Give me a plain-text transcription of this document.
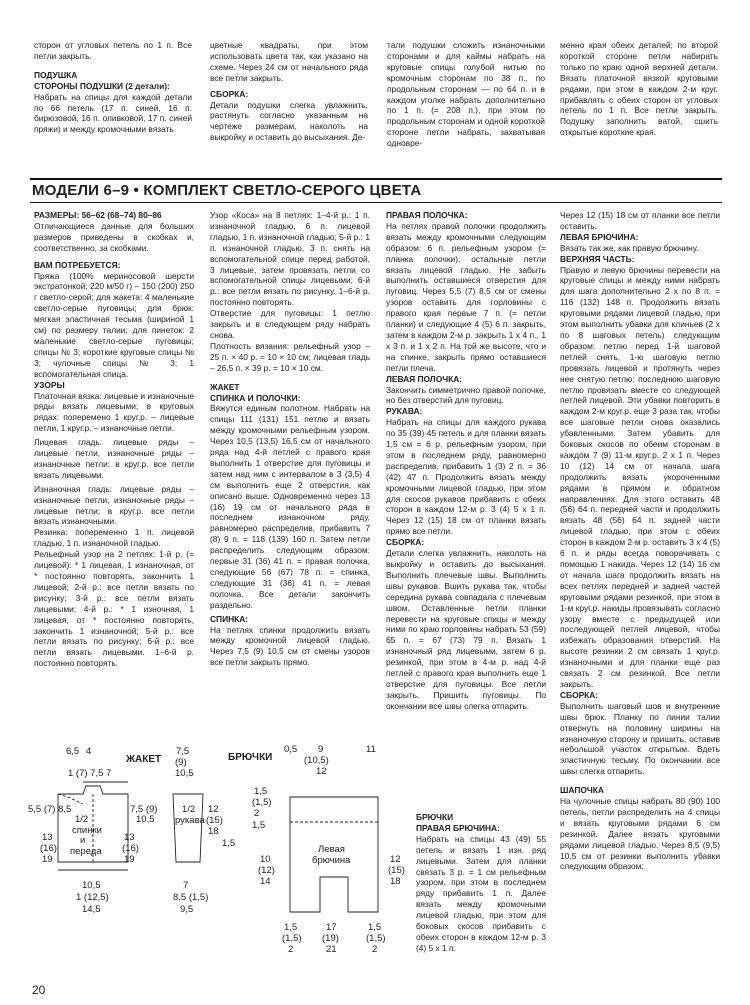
сторон от угловых петель по 1 п. Все петли закрыть.

ПОДУШКА

СТОРОНЫ ПОДУШКИ (2 детали):

Набрать на спицы для каждой детали по 66 петель (17 п. синей, 16 п. бирюзовой, 16 п. оливковой, 17 п. синей пряжи) и между кромочными вязать

цветные квадраты, при этом использовать цвета так, как указано на схеме. Через 24 см от начального ряда все петли закрыть.

СБОРКА:

Детали подушки слегка увлажнить, растянуть согласно указанным на чертеже размерам, наколоть на выкройку и оставить до высыхания. Де-

тали подушки сложить изнаночными сторонами и для каймы набрать на круговые спицы голубой нитью по кромочным сторонам по 38 п., по продольным сторонам — по 64 п. и в каждом уголке набрать дополнительно по 1 п. (= 208 п.), при этом по продольным сторонам и одной короткой стороне петли набрать, захватывая одновре-

менно края обеих деталей; по второй короткой стороне петли набирать только по краю одной верхней детали. Вязать платочной вязкой круговыми рядами, при этом в каждом 2-м круг. прибавлять с обеих сторон от угловых петель по 1 п. Все петли закрыть. Подушку заполнить ватой, сшить открытые короткие края.

МОДЕЛИ 6–9 • КОМПЛЕКТ СВЕТЛО-СЕРОГО ЦВЕТА

РАЗМЕРЫ: 56–62 (68–74) 80–86

Отличающиеся данные для больших размеров приведены в скобках и, соответственно, за скобками.

ВАМ ПОТРЕБУЕТСЯ:

Пряжа (100% мериносовой шерсти экстратонкой; 220 м/50 г) – 150 (200) 250 г светло-серой; для жакета: 4 маленькие светло-серые пуговицы; для брюк: мягкая эластичная тесьма (шириной 1 см) по размеру талии; для пинеток: 2 маленькие светло-серые пуговицы; спицы № 3; короткие круговые спицы № 3; чулочные спицы № 3; 1 вспомогательная спица.

УЗОРЫ

Платочная вязка: лицевые и изнаночные ряды вязать лицевыми; в круговых рядах: поперемено 1 круг.р. – лицевые петли, 1 круг.р. – изнаночные петли.

Лицевая гладь: лицевые ряды – лицевые петли, изнаночные ряды – изнаночные петли; в круг.р. все петли вязать лицевыми.

Изнаночная гладь: лицевые ряды – изнаночные петли, изнаночные ряды – лицевые петли; в круг.р. все петли вязать изнаночными.

Резинка: попеременно 1 п. лицевой гладью, 1 п. изнаночной гладью.

Рельефный узор на 2 петлях: 1-й р. (= лицевой): * 1 лицевая, 1 изнаночная, от * постоянно повторять, закончить 1 лицевой; 2-й р.: все петли вязать по рисунку; 3-й р.: все петли вязать лицевыми; 4-й р.: * 1 изночная, 1 лицевая, от * постоянно повторять, закончить 1 изнаночной; 5-й р.: все петли вязать по рисунку; 6-й р.: все петли вязать лицевыми. 1–6-й р. постоянно повторять.

Узор «Коса» на 8 петлях: 1–4-й р.: 1 п. изнаночной гладью, 6 п. лицевой гладью, 1 п. изнаночной гладью; 5-й р.: 1 п. изнаночной гладью, 3 п. снять на вспомогательной спице перед работой, 3 лицевые, затем провязать петли со вспомогательной спицы лицевыми; 6-й р.: все петли вязать по рисунку. 1–6-й р. постоянно повторять.

Отверстие для пуговицы: 1 петлю закрыть и в следующем ряду набрать снова.

Плотность вязания: рельефный узор – 25 п. × 40 р. = 10 × 10 см; лицевая гладь – 26,5 п. × 39 р. = 10 × 10 см.

ЖАКЕТ

СПИНКА И ПОЛОЧКИ:

Вяжутся единым полотном. Набрать на спицы 111 (131) 151 петлю и вязать между кромочными рельефным узором. Через 10,5 (13,5) 16,5 см от начального ряда над 4-й петлей с правого края выполнить 1 отверстие для пуговицы и затем над ним с интервалом в 3 (3,5) 4 см выполнить еще 2 отверстия, как описано выше. Одновременно через 13 (16) 19 см от начального ряда в последнем изнаночном ряду, равномерно распределив, прибавить 7 (8) 9 п. = 118 (139) 160 п. Затем петли распределить следующим образом: первые 31 (36) 41 п. = правая полочка, следующие 56 (67) 78 п. = спинка, следующие 31 (36) 41 п. = левая полочка. Все детали закончить раздельно.

СПИНКА:

На петлях спинки продолжить вязать между кромочной лицевой гладью. Через 7,5 (9) 10,5 см от смены узоров все петли закрыть прямо.

ПРАВАЯ ПОЛОЧКА:

На петлях правой полочки продолжить вязать между кромочными следующим образом: 6 п. рельефным узором (= планка полочки), остальные петли вязать лицевой гладью. Не забыть выполнить оставшиеся отверстия для пуговиц. Через 5,5 (7) 8,5 см от смены узоров оставить для горловины с правого края первые 7 п. (= петли планки) и следующие 4 (5) 6 п. закрыть, затем в каждом 2-м р. закрыть 1 х 4 п., 1 х 3 п. и 1 х 2 п. На той же высоте, что и на спинке, закрыть прямо оставшиеся петли плеча.

ЛЕВАЯ ПОЛОЧКА:

Закончить симметрично правой полочке, но без отверстий для пуговиц.

РУКАВА:

Набрать на спицы для каждого рукава по 35 (39) 45 петель и для планки вязать 1,5 см = 6 р. рельефным узором, при этом в последнем ряду, равномерно распределив, прибавить 1 (3) 2 п. = 36 (42) 47 п. Продолжить вязать между кромочными лицевой гладью, при этом для скосов рукавов прибавить с обеих сторон в каждом 12-м р. 3 (4) 5 х 1 п. Через 12 (15) 18 см от планки вязать прямо все петли.

СБОРКА:

Детали слегка увлажнить, наколоть на выкройку и оставить до высыхания. Выполнить плечевые швы. Выполнить швы рукавов. Вшить рукава так, чтобы середина рукава совпадала с плечевым швом. Оставленные петли планки перевести на круговые спицы и между ними по краю горловины набрать 53 (59) 65 п. = 67 (73) 79 п. Вязать 1 изнаночный ряд лицевыми, затем 6 р. резинкой, при этом в 4-м р. над 4-й петлей с правого края выполнить еще 1 отверстие для пуговицы. Все петли закрыть. Пришить пуговицы. По окончании все швы слегка отпарить.

БРЮЧКИ

ПРАВАЯ БРЮЧИНА:

Набрать на спицы 43 (49) 55 петель и вязать 1 изн. ряд лицевыми. Затем для планки связать 3 р. = 1 см рельефным узором, при этом в последнем ряду прибавить 1 п. Далее вязать между кромочными лицевой гладью, при этом для боковых скосов прибавить с обеих сторон в каждом 12-м р. 3 (4) 5 х 1 п.

Через 12 (15) 18 см от планки все петли оставить.

ЛЕВАЯ БРЮЧИНА:

Вязать так же, как правую брючину.

ВЕРХНЯЯ ЧАСТЬ:

Правую и левую брючины перевести на круговые спицы и между ними набрать для шага дополнительно 2 х по 8 п. = 116 (132) 148 п. Продолжить вязать круговыми рядами лицевой гладью, при этом выполнить убавки для клиньев (2 х по 8 шаговых петель) следующим образом: петлю перед 1-й шаговой петлей снять, 1-ю шаговую петлю провязать лицевой и протянуть через нее снятую петлю; последнюю шаговую петлю провязать вместе со следующей петлей лицевой. Эти убавки повторить в каждом 2-м круг.р. еще 3 раза так, чтобы все шаговые петли снова оказались убавленными. Затем убавить для боковых скосов по обеим сторонам в каждом 7 (9) 11-м круг.р. 2 х 1 п. Через 10 (12) 14 см от начала шага продолжить вязать укороченными рядами в прямом и обратном направлениях. Для этого оставить 48 (56) 64 п. передней части и продолжить вязать 48 (56) 64 п. задней части лицевой гладью, при этом с обеих сторон в каждом 2-м р. оставить 3 х 4 (5) 6 п. и ряды всегда поворачивать с помощью 1 накида. Через 12 (14) 16 см от начала шага продолжить вязать на всех петлях передней и задней частей круговыми рядами резинкой, при этом в 1-м круг.р. накиды провязывать согласно узору вместе с предыдущей или последующей петлей лицевой, чтобы избежать образования отверстий. На высоте резинки 2 см связать 1 круг.р. изнаночными и для планки еще раз связать 2 см резинкой. Все петли закрыть.

СБОРКА:

Выполнить шаговый шов и внутренние швы брюк. Планку по линии талии отвернуть на половину ширины на изнаночную сторону и пришить, оставив небольшой участок открытым. Вдеть эластичную тесьму. По окончании все швы слегка отпарить.

ШАПОЧКА

На чулочные спицы набрать 80 (90) 100 петель, петли распределить на 4 спицы и вязать круговыми рядами 6 см резинкой. Далее вязать круговыми рядами лицевой гладью. Через 8,5 (9,5) 10,5 см от резинки выполнить убавки следующим образом:

1/2
спинки
и
переда
ЖАКЕТ
6,5 4
1 (7) 7,5 7
5,5 (7) 8,5	7,5 (9)
10,5
13
(16)
19
13
(16)
19
10,5
1 (12,5)
14,5
1/2
рукава
7,5
(9)
10,5
12
(15)
18
1,5
7
8,5 (1,5)
9,5
БРЮЧКИ
Левая
брючина
0,5 9
(10,5)
12
11
1,5
(1,5)
2
1,5
10
(12)
14
12
(15)
18
17
(19)
21
1,5
(1,5)
2
1,5
(1,5)
2
20
